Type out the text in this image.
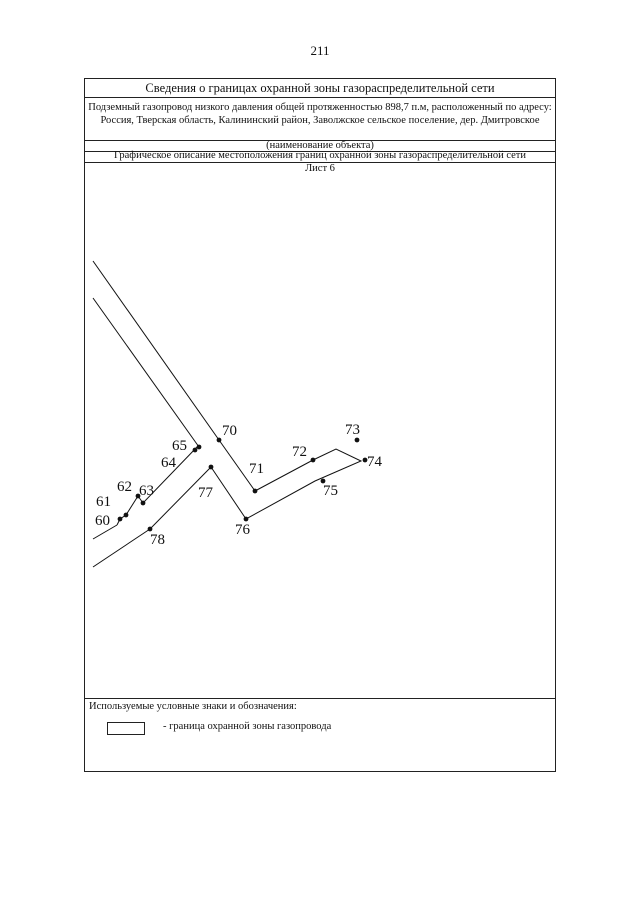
211
Сведения о границах охранной зоны газораспределительной сети
Подземный газопровод низкого давления общей протяженностью 898,7 п.м, расположенный по адресу:
Россия, Тверская область, Калининский район, Заволжское сельское поселение, дер. Дмитровское
(наименование объекта)
Графическое описание местоположения границ охранной зоны газораспределительной сети
Лист 6
60
61
62 63
64
65
70
71
72
73
74
75
76
77
78
Используемые условные знаки и обозначения:
- граница охранной зоны газопровода
